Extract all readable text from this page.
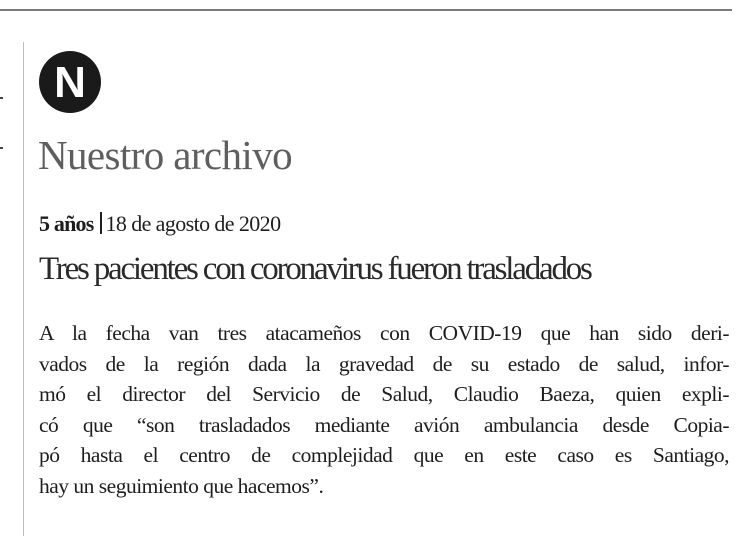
N
Nuestro archivo
5 años 18 de agosto de 2020
Tres pacientes con coronavirus fueron trasladados
A la fecha van tres atacameños con COVID-19 que han sido deri-
vados de la región dada la gravedad de su estado de salud, infor-
mó el director del Servicio de Salud, Claudio Baeza, quien expli-
có que “son trasladados mediante avión ambulancia desde Copia-
pó hasta el centro de complejidad que en este caso es Santiago,
hay un seguimiento que hacemos”.
